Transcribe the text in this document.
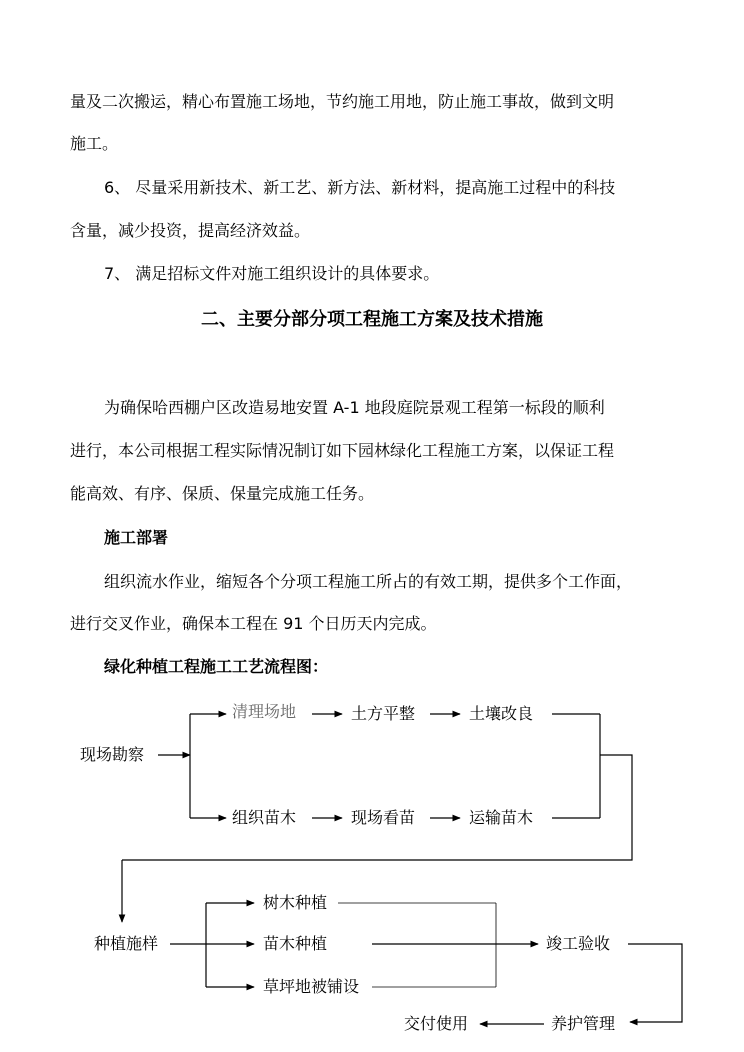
量及二次搬运，精心布置施工场地，节约施工用地，防止施工事故，做到文明
施工。
6、 尽量采用新技术、新工艺、新方法、新材料，提高施工过程中的科技
含量，减少投资，提高经济效益。
7、 满足招标文件对施工组织设计的具体要求。
二、主要分部分项工程施工方案及技术措施
为确保哈西棚户区改造易地安置 A-1 地段庭院景观工程第一标段的顺利
进行，本公司根据工程实际情况制订如下园林绿化工程施工方案，以保证工程
能高效、有序、保质、保量完成施工任务。
施工部署
组织流水作业，缩短各个分项工程施工所占的有效工期，提供多个工作面，
进行交叉作业，确保本工程在 91 个日历天内完成。
绿化种植工程施工工艺流程图：
现场勘察
清理场地	土方平整	土壤改良
组织苗木	现场看苗	运输苗木
种植施样
树木种植
苗木种植
草坪地被铺设
竣工验收
养护管理
交付使用
